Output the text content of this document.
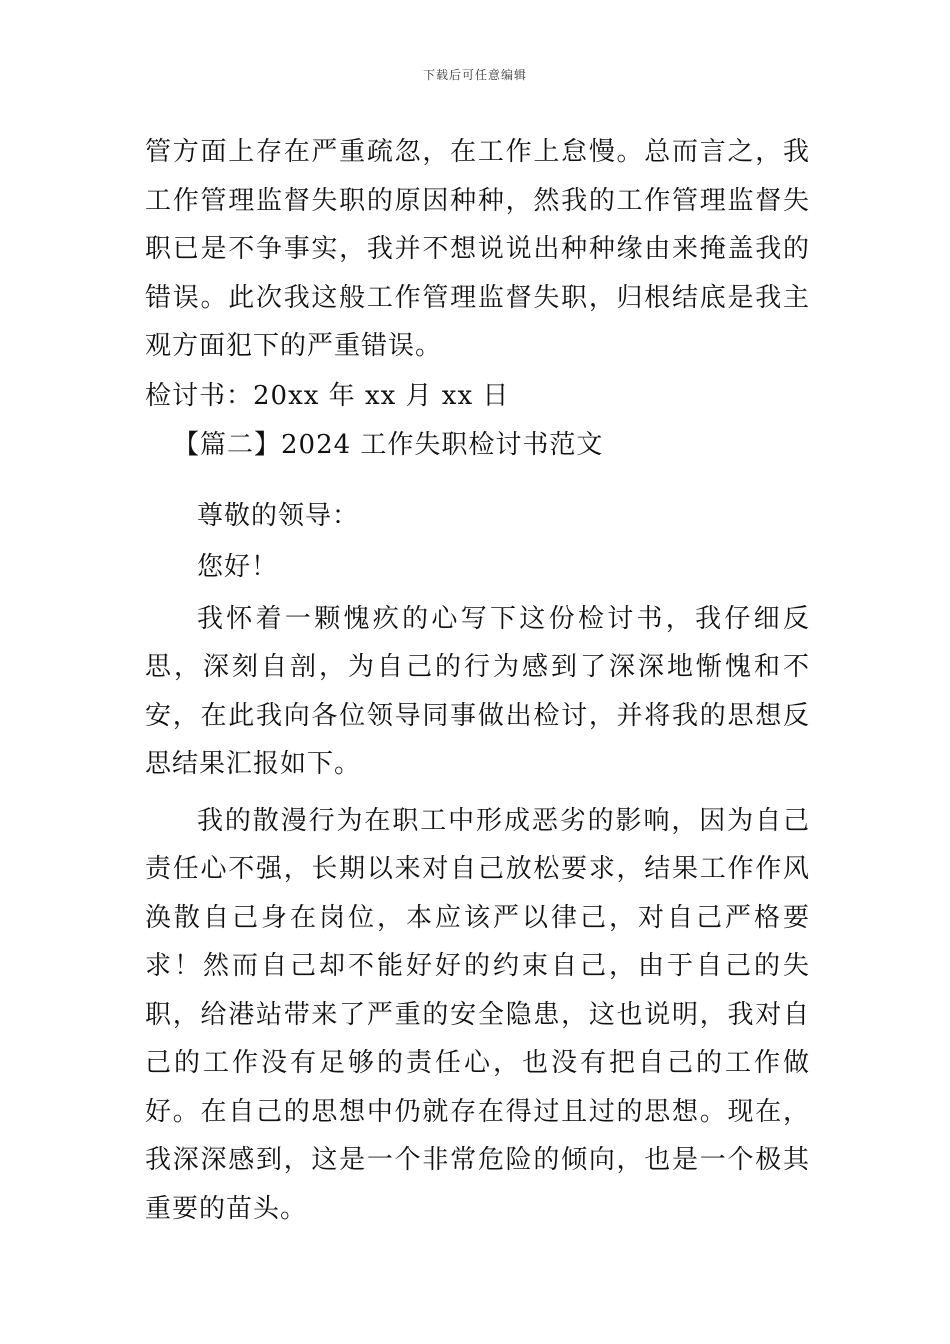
下载后可任意编辑

管方面上存在严重疏忽，在工作上怠慢。总而言之，我工作管理监督失职的原因种种，然我的工作管理监督失职已是不争事实，我并不想说说出种种缘由来掩盖我的错误。此次我这般工作管理监督失职，归根结底是我主观方面犯下的严重错误。

检讨书：20xx 年 xx 月 xx 日

【篇二】2024 工作失职检讨书范文

尊敬的领导：

您好！

我怀着一颗愧疚的心写下这份检讨书，我仔细反思，深刻自剖，为自己的行为感到了深深地惭愧和不安，在此我向各位领导同事做出检讨，并将我的思想反思结果汇报如下。

我的散漫行为在职工中形成恶劣的影响，因为自己责任心不强，长期以来对自己放松要求，结果工作作风涣散自己身在岗位，本应该严以律己，对自己严格要求！然而自己却不能好好的约束自己，由于自己的失职，给港站带来了严重的安全隐患，这也说明，我对自己的工作没有足够的责任心，也没有把自己的工作做好。在自己的思想中仍就存在得过且过的思想。现在，我深深感到，这是一个非常危险的倾向，也是一个极其重要的苗头。
